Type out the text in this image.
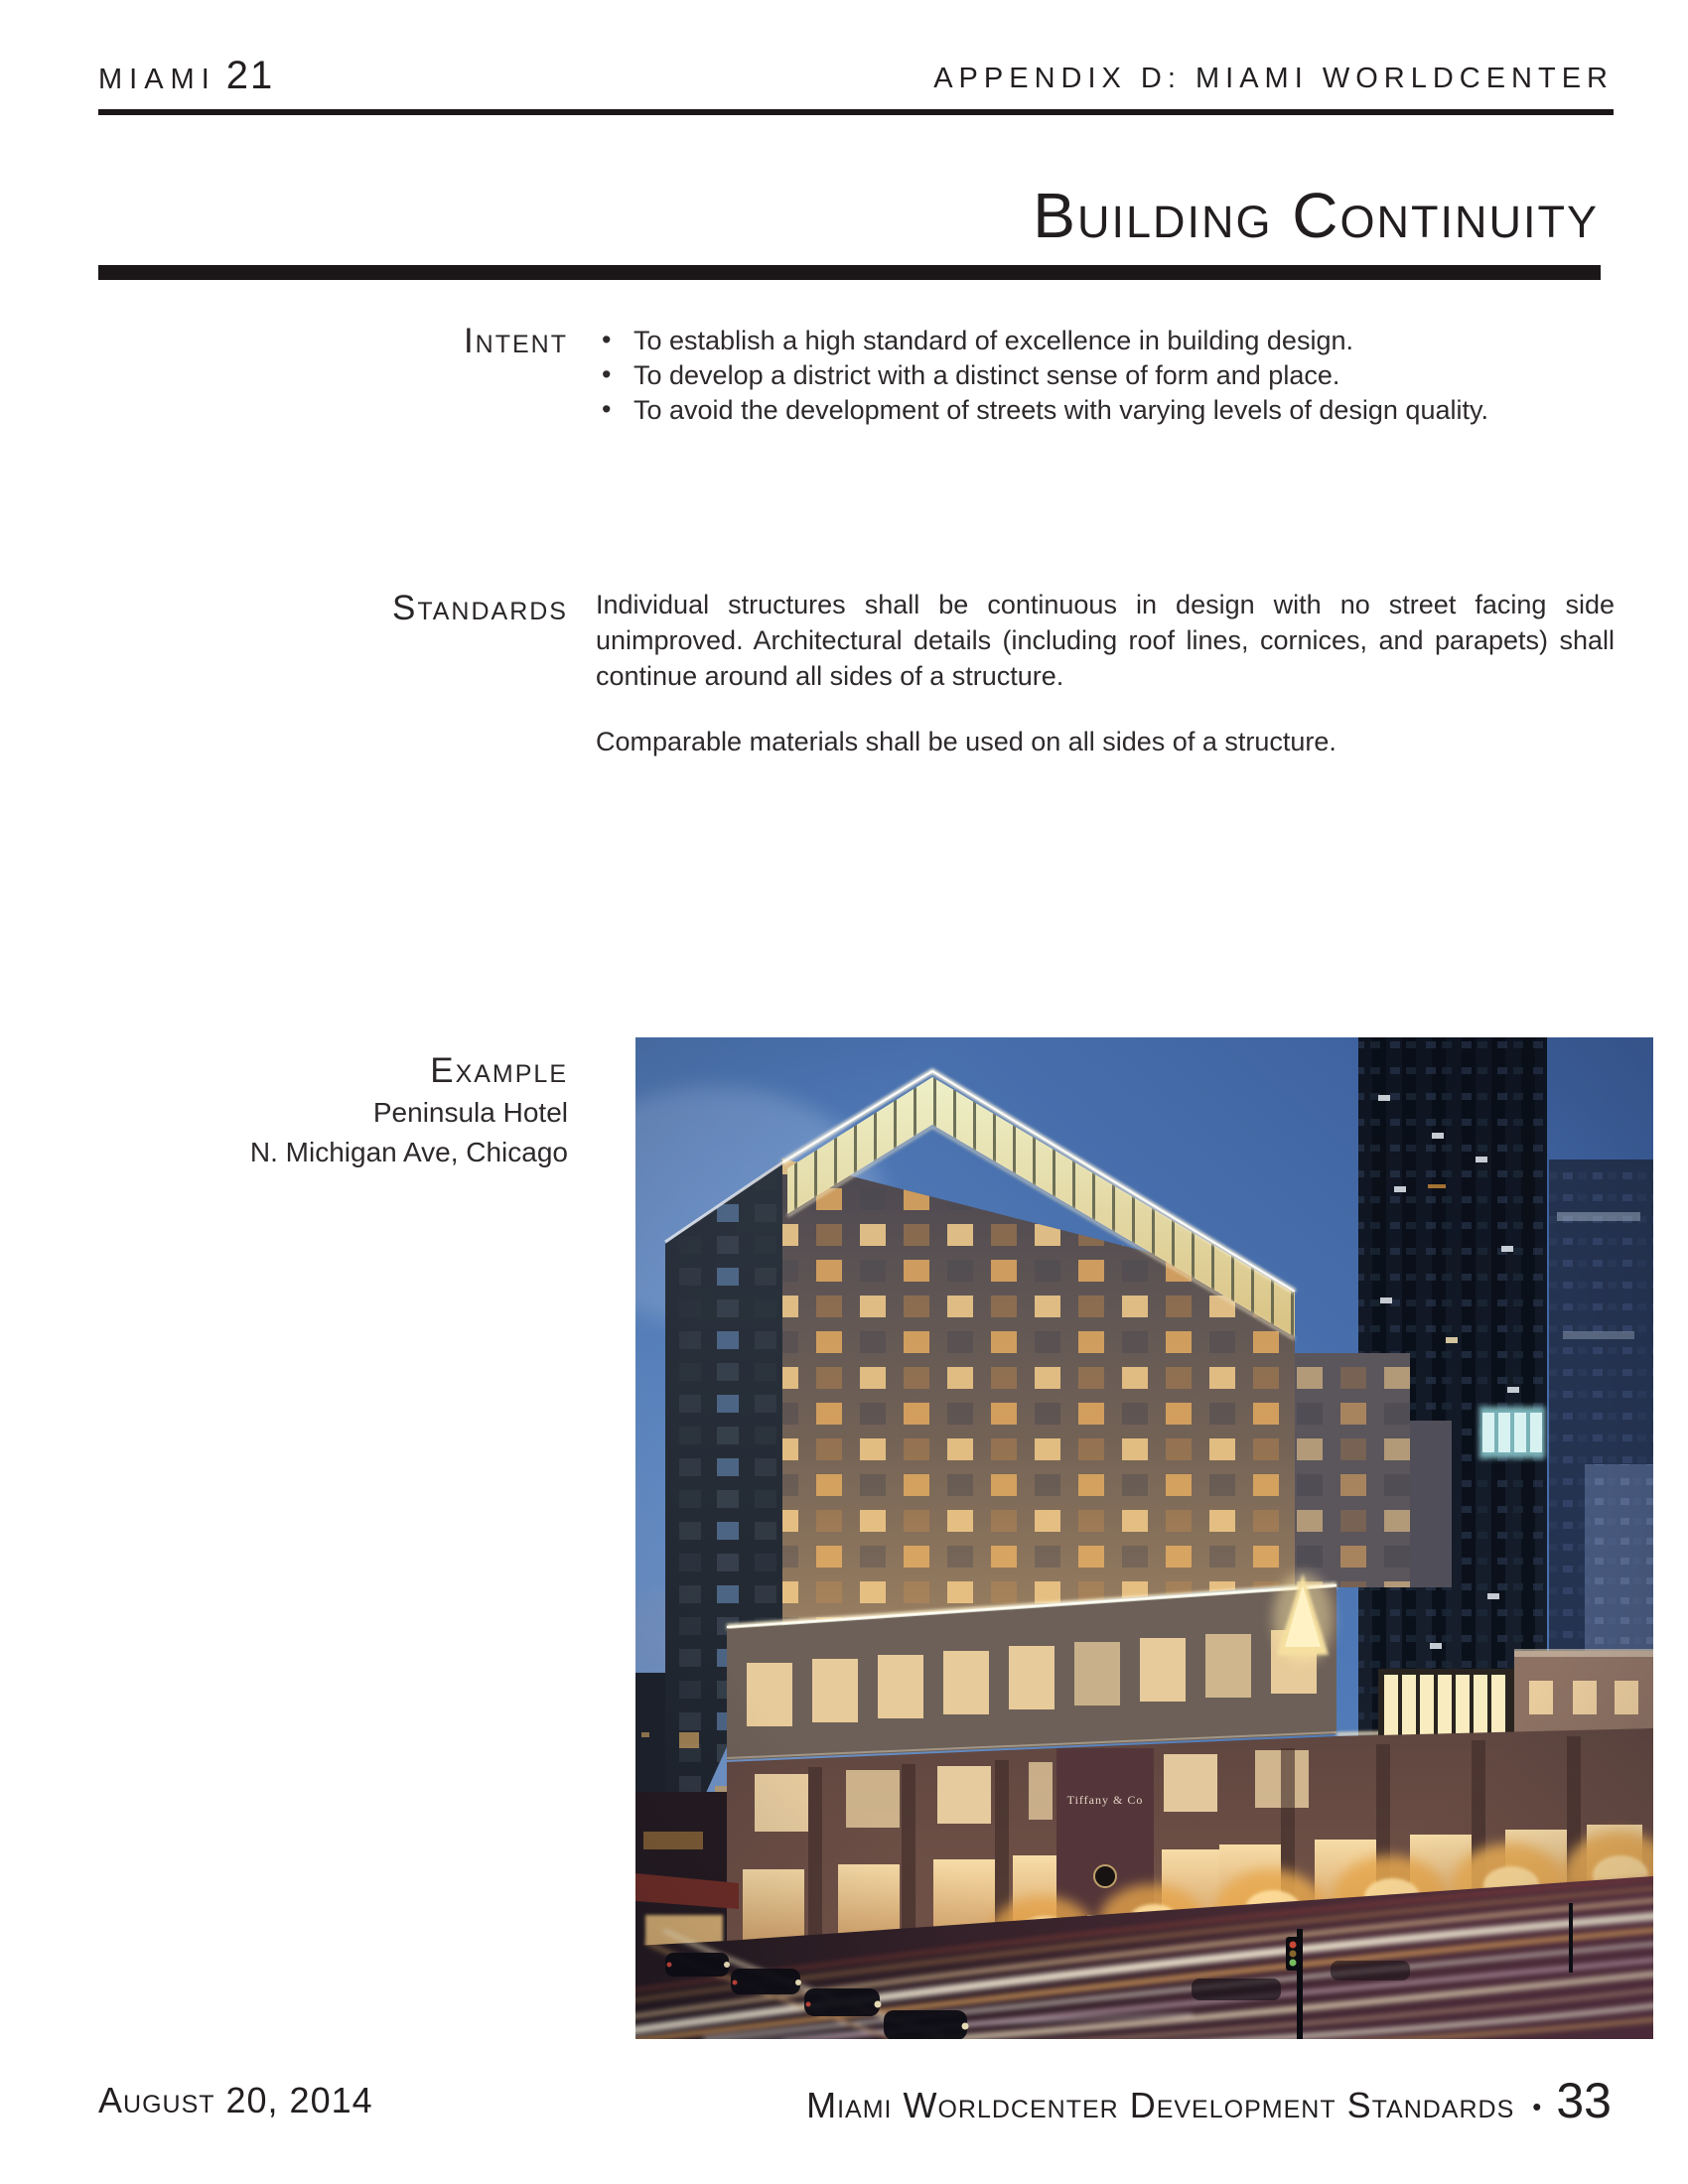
MIAMI 21	APPENDIX D: MIAMI WORLDCENTER
Building Continuity
Intent • To establish a high standard of excellence in building design.
• To develop a district with a distinct sense of form and place.
• To avoid the development of streets with varying levels of design quality.
Standards Individual structures shall be continuous in design with no street facing side unimproved. Architectural details (including roof lines, cornices, and parapets) shall continue around all sides of a structure.

Comparable materials shall be used on all sides of a structure.

Example
Peninsula Hotel
N. Michigan Ave, Chicago
August 20, 2014	Miami Worldcenter Development Standards • 33
